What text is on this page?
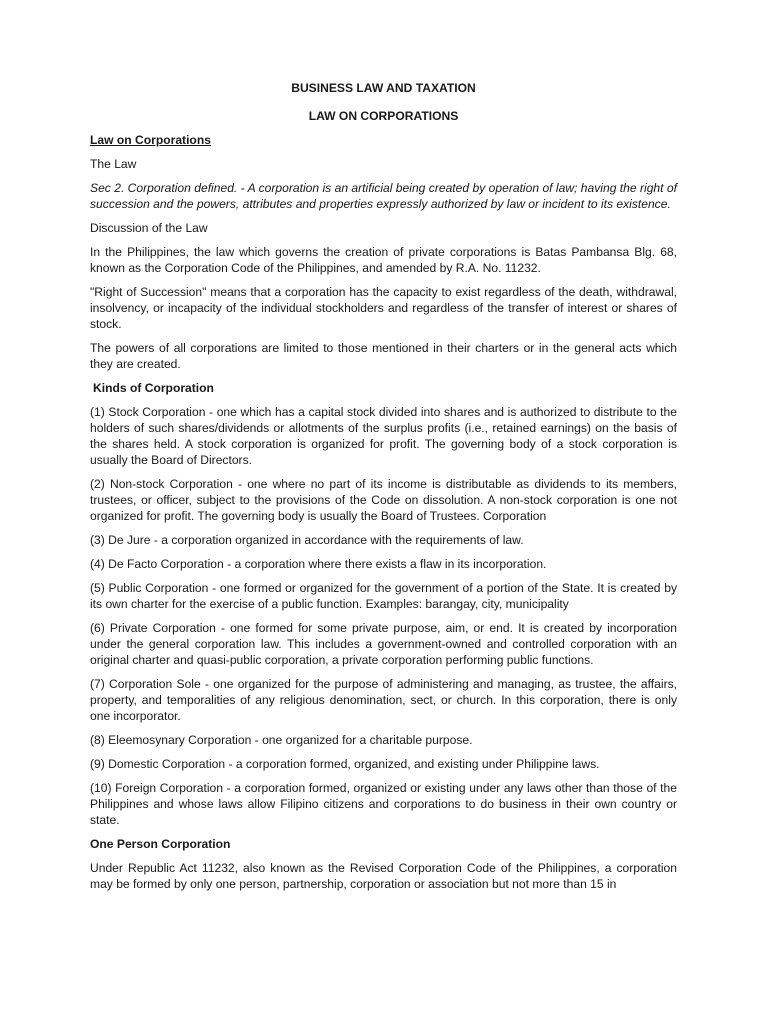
BUSINESS LAW AND TAXATION

LAW ON CORPORATIONS

Law on Corporations

The Law

Sec 2. Corporation defined. - A corporation is an artificial being created by operation of law; having the right of succession and the powers, attributes and properties expressly authorized by law or incident to its existence.

Discussion of the Law

In the Philippines, the law which governs the creation of private corporations is Batas Pambansa Blg. 68, known as the Corporation Code of the Philippines, and amended by R.A. No. 11232.

"Right of Succession" means that a corporation has the capacity to exist regardless of the death, withdrawal, insolvency, or incapacity of the individual stockholders and regardless of the transfer of interest or shares of stock.

The powers of all corporations are limited to those mentioned in their charters or in the general acts which they are created.

Kinds of Corporation

(1) Stock Corporation - one which has a capital stock divided into shares and is authorized to distribute to the holders of such shares/dividends or allotments of the surplus profits (i.e., retained earnings) on the basis of the shares held. A stock corporation is organized for profit. The governing body of a stock corporation is usually the Board of Directors.

(2) Non-stock Corporation - one where no part of its income is distributable as dividends to its members, trustees, or officer, subject to the provisions of the Code on dissolution. A non-stock corporation is one not organized for profit. The governing body is usually the Board of Trustees. Corporation

(3) De Jure - a corporation organized in accordance with the requirements of law.

(4) De Facto Corporation - a corporation where there exists a flaw in its incorporation.

(5) Public Corporation - one formed or organized for the government of a portion of the State. It is created by its own charter for the exercise of a public function. Examples: barangay, city, municipality

(6) Private Corporation - one formed for some private purpose, aim, or end. It is created by incorporation under the general corporation law. This includes a government-owned and controlled corporation with an original charter and quasi-public corporation, a private corporation performing public functions.

(7) Corporation Sole - one organized for the purpose of administering and managing, as trustee, the affairs, property, and temporalities of any religious denomination, sect, or church. In this corporation, there is only one incorporator.

(8) Eleemosynary Corporation - one organized for a charitable purpose.

(9) Domestic Corporation - a corporation formed, organized, and existing under Philippine laws.

(10) Foreign Corporation - a corporation formed, organized or existing under any laws other than those of the Philippines and whose laws allow Filipino citizens and corporations to do business in their own country or state.

One Person Corporation

Under Republic Act 11232, also known as the Revised Corporation Code of the Philippines, a corporation may be formed by only one person, partnership, corporation or association but not more than 15 in
